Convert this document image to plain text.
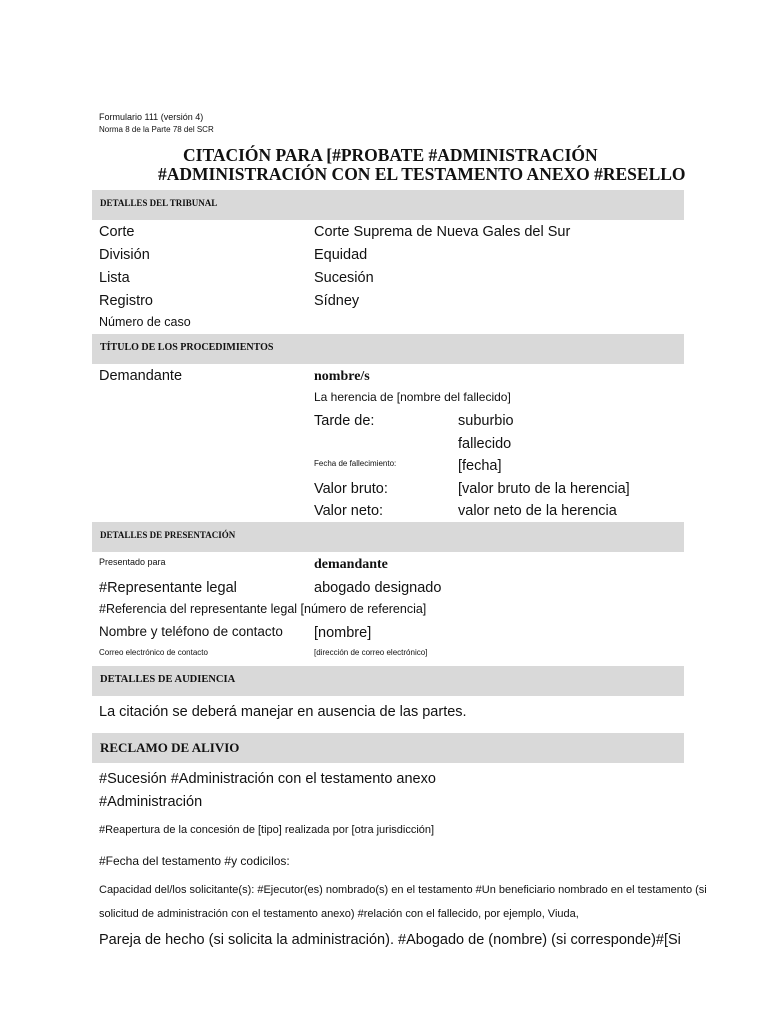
Formulario 111 (versión 4)
Norma 8 de la Parte 78 del SCR
CITACIÓN PARA [#PROBATE #ADMINISTRACIÓN
#ADMINISTRACIÓN CON EL TESTAMENTO ANEXO #RESELLO
DETALLES DEL TRIBUNAL
Corte	Corte Suprema de Nueva Gales del Sur
División	Equidad
Lista	Sucesión
Registro	Sídney
Número de caso
TÍTULO DE LOS PROCEDIMIENTOS
Demandante	nombre/s
La herencia de [nombre del fallecido]
Tarde de:	suburbio
fallecido
Fecha de fallecimiento:	[fecha]
Valor bruto:	[valor bruto de la herencia]
Valor neto:	valor neto de la herencia
DETALLES DE PRESENTACIÓN
Presentado para	demandante
#Representante legal	abogado designado
#Referencia del representante legal [número de referencia]
Nombre y teléfono de contacto [nombre]
Correo electrónico de contacto	[dirección de correo electrónico]
DETALLES DE AUDIENCIA
La citación se deberá manejar en ausencia de las partes.
RECLAMO DE ALIVIO
#Sucesión #Administración con el testamento anexo
#Administración
#Reapertura de la concesión de [tipo] realizada por [otra jurisdicción]
#Fecha del testamento #y codicilos:
Capacidad del/los solicitante(s): #Ejecutor(es) nombrado(s) en el testamento #Un beneficiario nombrado en el testamento (si
solicitud de administración con el testamento anexo) #relación con el fallecido, por ejemplo, Viuda,
Pareja de hecho (si solicita la administración). #Abogado de (nombre) (si corresponde)#[Si
